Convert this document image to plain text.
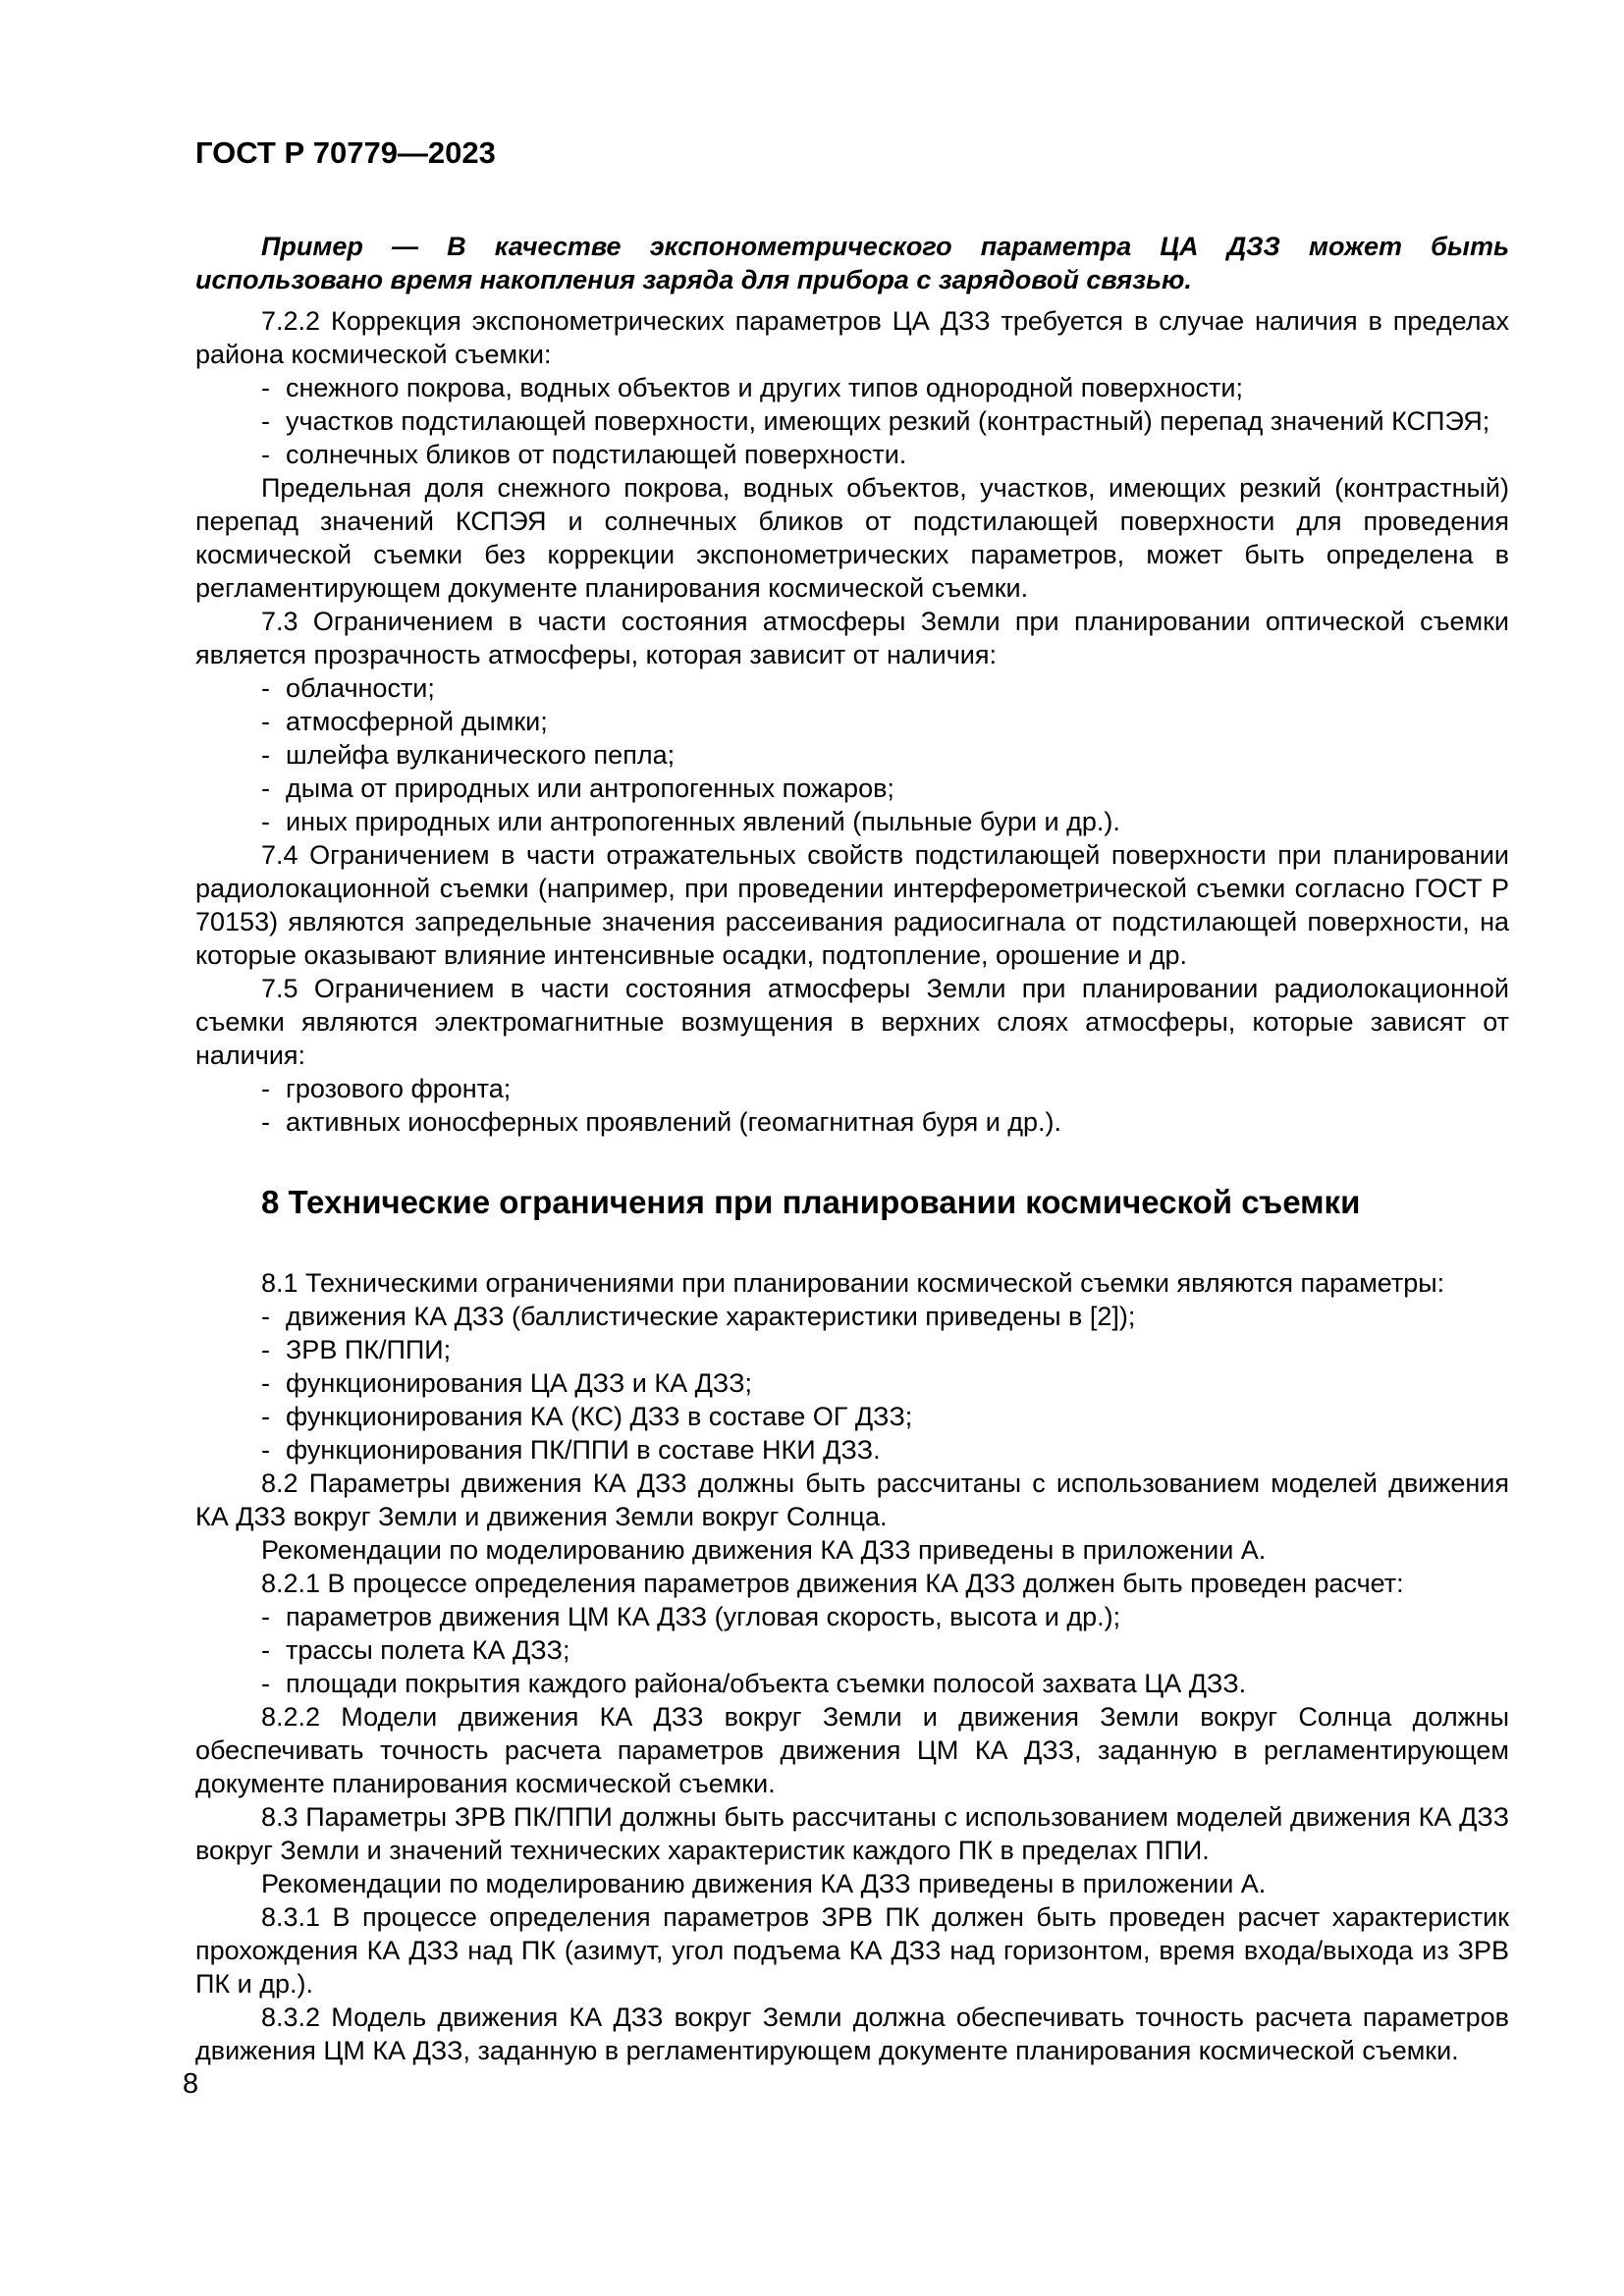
ГОСТ Р 70779—2023

Пример — В качестве экспонометрического параметра ЦА ДЗЗ может быть использовано время накопления заряда для прибора с зарядовой связью.

7.2.2 Коррекция экспонометрических параметров ЦА ДЗЗ требуется в случае наличия в пределах района космической съемки:

- снежного покрова, водных объектов и других типов однородной поверхности;
- участков подстилающей поверхности, имеющих резкий (контрастный) перепад значений КСПЭЯ;
- солнечных бликов от подстилающей поверхности.

Предельная доля снежного покрова, водных объектов, участков, имеющих резкий (контрастный) перепад значений КСПЭЯ и солнечных бликов от подстилающей поверхности для проведения космической съемки без коррекции экспонометрических параметров, может быть определена в регламентирующем документе планирования космической съемки.

7.3 Ограничением в части состояния атмосферы Земли при планировании оптической съемки является прозрачность атмосферы, которая зависит от наличия:

- облачности;
- атмосферной дымки;
- шлейфа вулканического пепла;
- дыма от природных или антропогенных пожаров;
- иных природных или антропогенных явлений (пыльные бури и др.).

7.4 Ограничением в части отражательных свойств подстилающей поверхности при планировании радиолокационной съемки (например, при проведении интерферометрической съемки согласно ГОСТ Р 70153) являются запредельные значения рассеивания радиосигнала от подстилающей поверхности, на которые оказывают влияние интенсивные осадки, подтопление, орошение и др.

7.5 Ограничением в части состояния атмосферы Земли при планировании радиолокационной съемки являются электромагнитные возмущения в верхних слоях атмосферы, которые зависят от наличия:

- грозового фронта;
- активных ионосферных проявлений (геомагнитная буря и др.).
8 Технические ограничения при планировании космической съемки

8.1 Техническими ограничениями при планировании космической съемки являются параметры:

- движения КА ДЗЗ (баллистические характеристики приведены в [2]);
- ЗРВ ПК/ППИ;
- функционирования ЦА ДЗЗ и КА ДЗЗ;
- функционирования КА (КС) ДЗЗ в составе ОГ ДЗЗ;
- функционирования ПК/ППИ в составе НКИ ДЗЗ.

8.2 Параметры движения КА ДЗЗ должны быть рассчитаны с использованием моделей движения КА ДЗЗ вокруг Земли и движения Земли вокруг Солнца.

Рекомендации по моделированию движения КА ДЗЗ приведены в приложении А.

8.2.1 В процессе определения параметров движения КА ДЗЗ должен быть проведен расчет:

- параметров движения ЦМ КА ДЗЗ (угловая скорость, высота и др.);
- трассы полета КА ДЗЗ;
- площади покрытия каждого района/объекта съемки полосой захвата ЦА ДЗЗ.

8.2.2 Модели движения КА ДЗЗ вокруг Земли и движения Земли вокруг Солнца должны обеспечивать точность расчета параметров движения ЦМ КА ДЗЗ, заданную в регламентирующем документе планирования космической съемки.

8.3 Параметры ЗРВ ПК/ППИ должны быть рассчитаны с использованием моделей движения КА ДЗЗ вокруг Земли и значений технических характеристик каждого ПК в пределах ППИ.

Рекомендации по моделированию движения КА ДЗЗ приведены в приложении А.

8.3.1 В процессе определения параметров ЗРВ ПК должен быть проведен расчет характеристик прохождения КА ДЗЗ над ПК (азимут, угол подъема КА ДЗЗ над горизонтом, время входа/выхода из ЗРВ ПК и др.).

8.3.2 Модель движения КА ДЗЗ вокруг Земли должна обеспечивать точность расчета параметров движения ЦМ КА ДЗЗ, заданную в регламентирующем документе планирования космической съемки.

8
